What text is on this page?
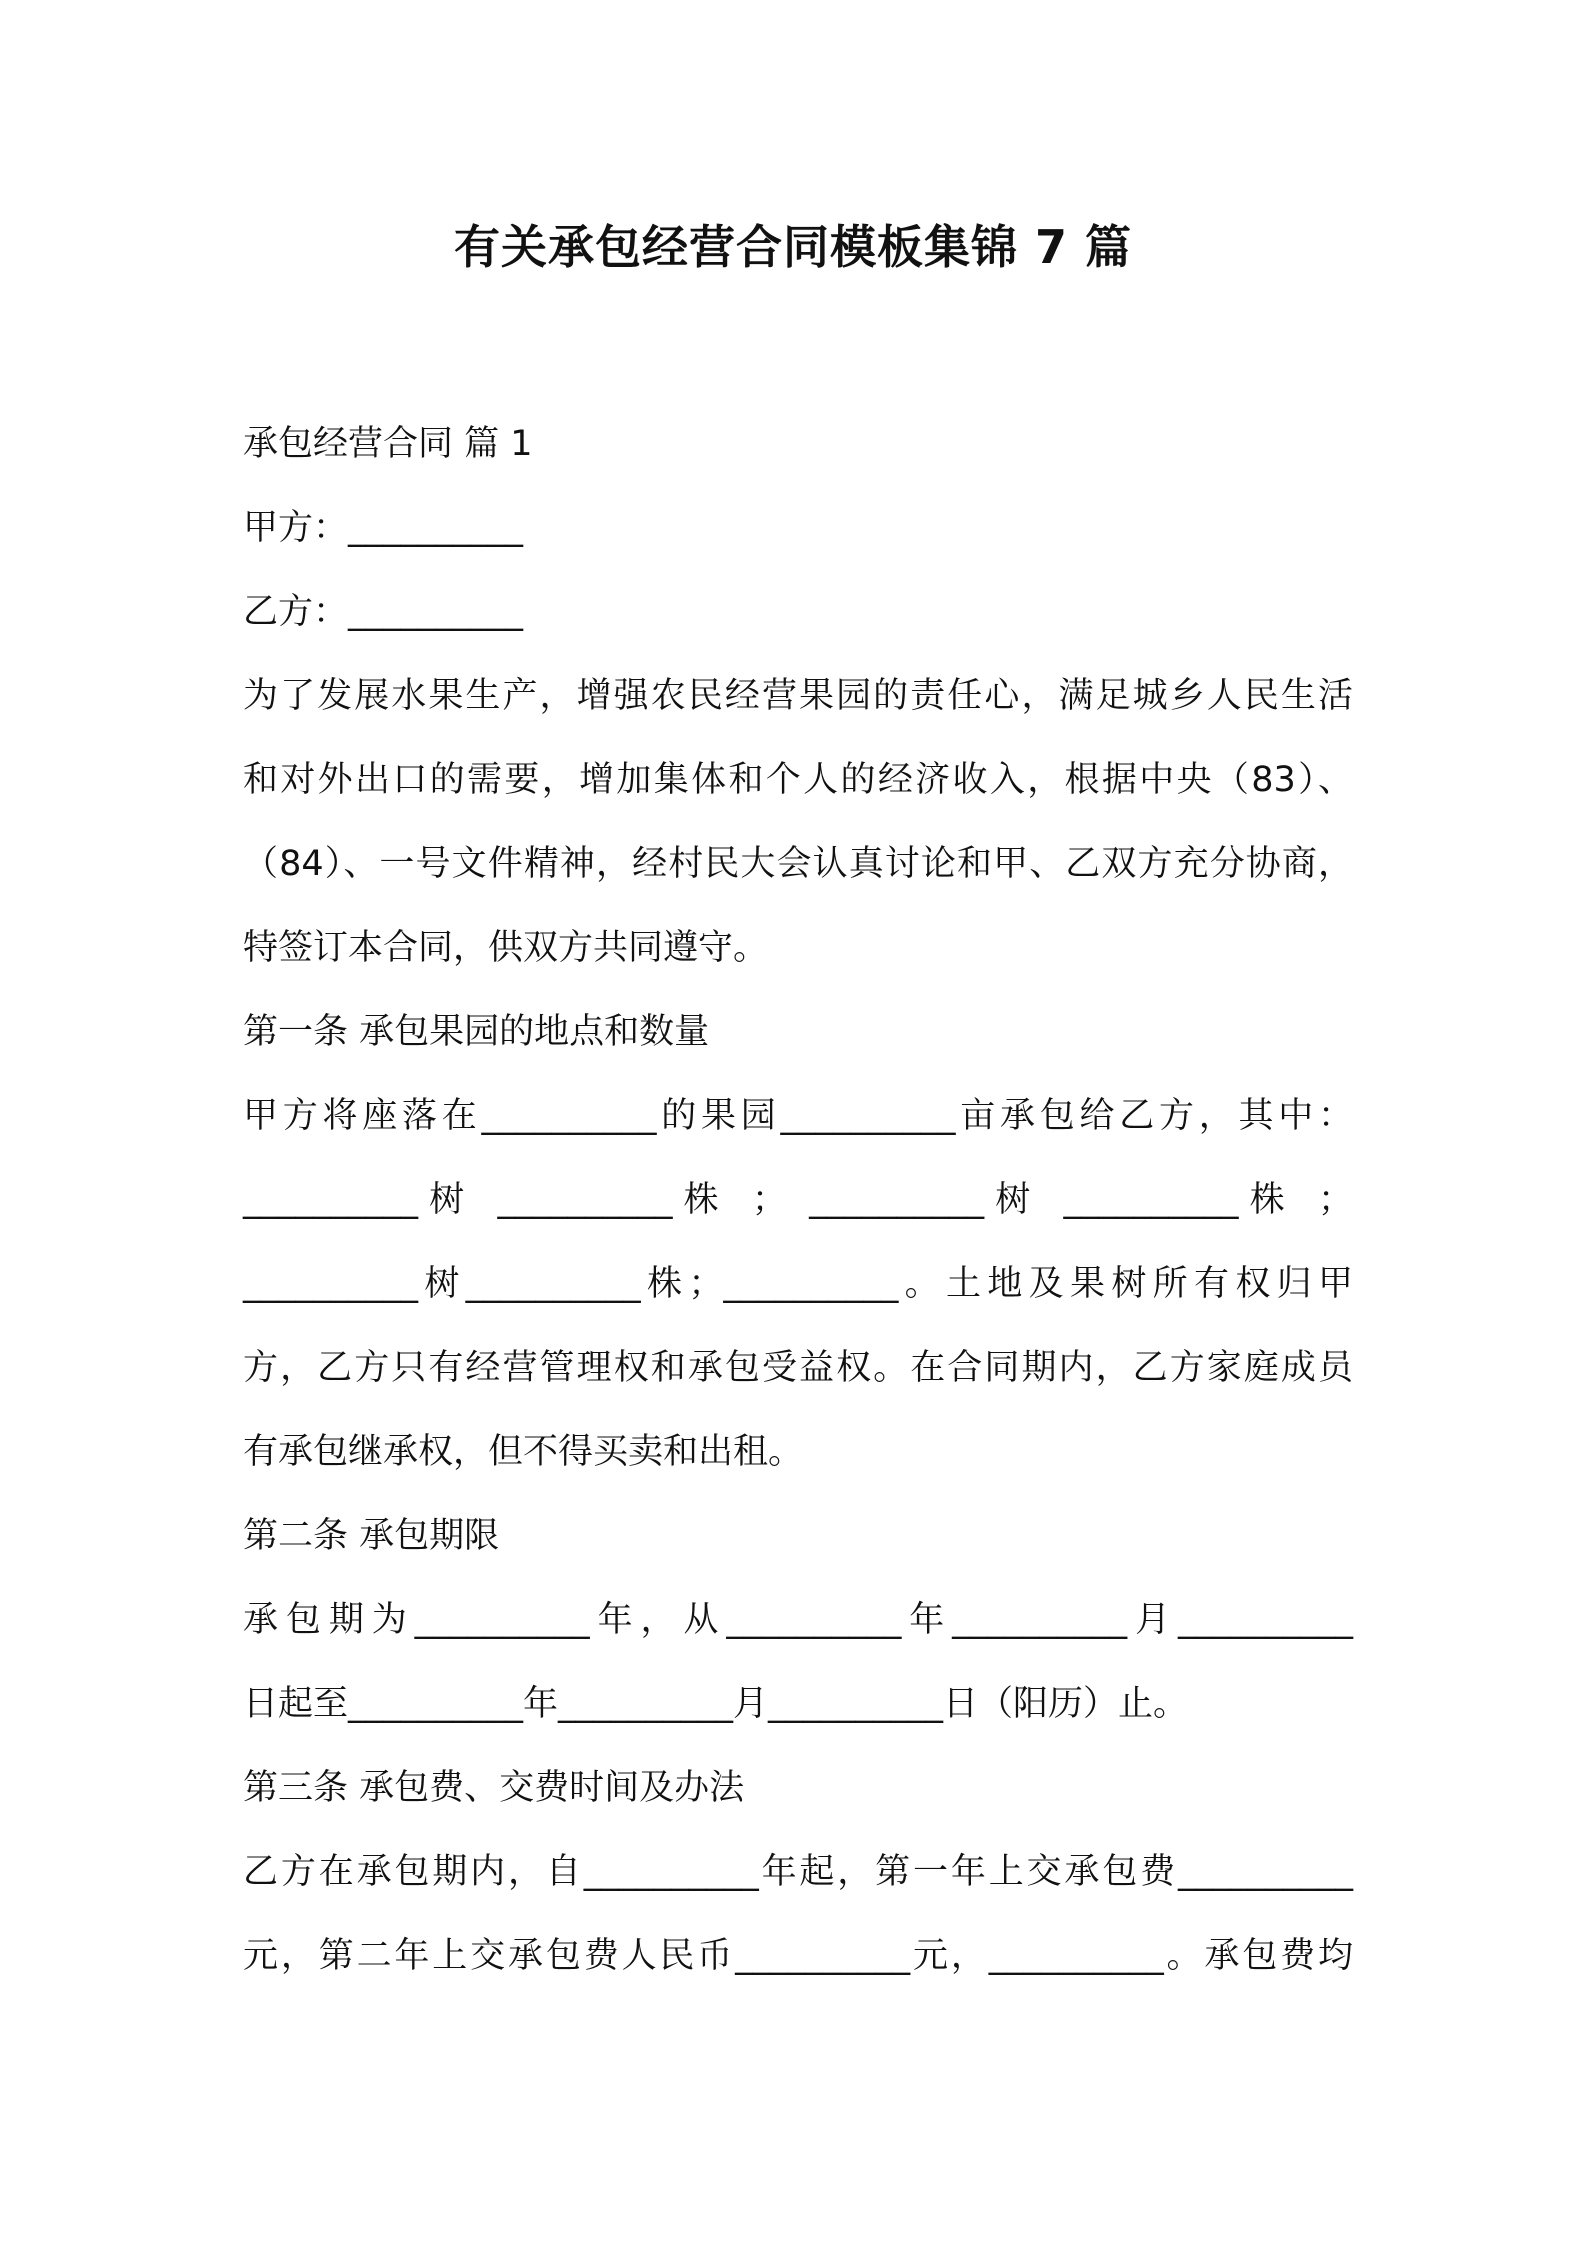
有关承包经营合同模板集锦 7 篇
承包经营合同 篇 1
甲方：__________
乙方：__________
为了发展水果生产，增强农民经营果园的责任心，满足城乡人民生活
和对外出口的需要，增加集体和个人的经济收入，根据中央（83）、
（84）、一号文件精神，经村民大会认真讨论和甲、乙双方充分协商，
特签订本合同，供双方共同遵守。
第一条 承包果园的地点和数量
甲方将座落在__________的果园__________亩承包给乙方，其中：
__________树 __________株 ； __________树 __________株 ；
__________树__________株；__________。土地及果树所有权归甲
方，乙方只有经营管理权和承包受益权。在合同期内，乙方家庭成员
有承包继承权，但不得买卖和出租。
第二条 承包期限
承包期为__________年，从__________年__________月__________
日起至__________年__________月__________日（阳历）止。
第三条 承包费、交费时间及办法
乙方在承包期内，自__________年起，第一年上交承包费__________
元，第二年上交承包费人民币__________元，__________。承包费均
